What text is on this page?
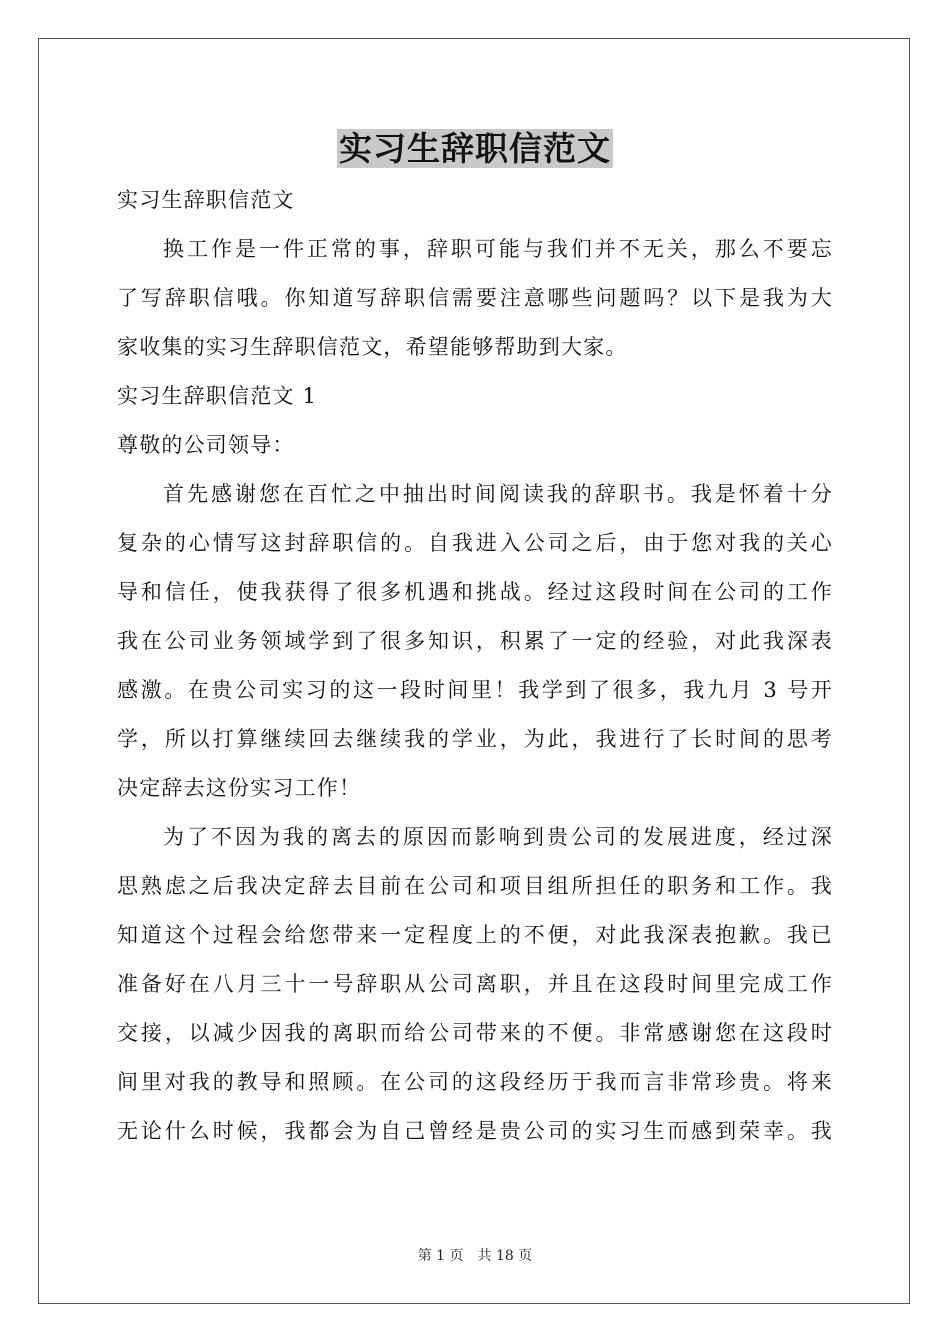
实习生辞职信范文

实习生辞职信范文

换工作是一件正常的事，辞职可能与我们并不无关，那么不要忘

了写辞职信哦。你知道写辞职信需要注意哪些问题吗？以下是我为大

家收集的实习生辞职信范文，希望能够帮助到大家。

实习生辞职信范文 1

尊敬的公司领导：

首先感谢您在百忙之中抽出时间阅读我的辞职书。我是怀着十分

复杂的心情写这封辞职信的。自我进入公司之后，由于您对我的关心

导和信任，使我获得了很多机遇和挑战。经过这段时间在公司的工作

我在公司业务领域学到了很多知识，积累了一定的经验，对此我深表

感激。在贵公司实习的这一段时间里！我学到了很多，我九月 3 号开

学，所以打算继续回去继续我的学业，为此，我进行了长时间的思考

决定辞去这份实习工作！

为了不因为我的离去的原因而影响到贵公司的发展进度，经过深

思熟虑之后我决定辞去目前在公司和项目组所担任的职务和工作。我

知道这个过程会给您带来一定程度上的不便，对此我深表抱歉。我已

准备好在八月三十一号辞职从公司离职，并且在这段时间里完成工作

交接，以减少因我的离职而给公司带来的不便。非常感谢您在这段时

间里对我的教导和照顾。在公司的这段经历于我而言非常珍贵。将来

无论什么时候，我都会为自己曾经是贵公司的实习生而感到荣幸。我

第 1 页　共 18 页
